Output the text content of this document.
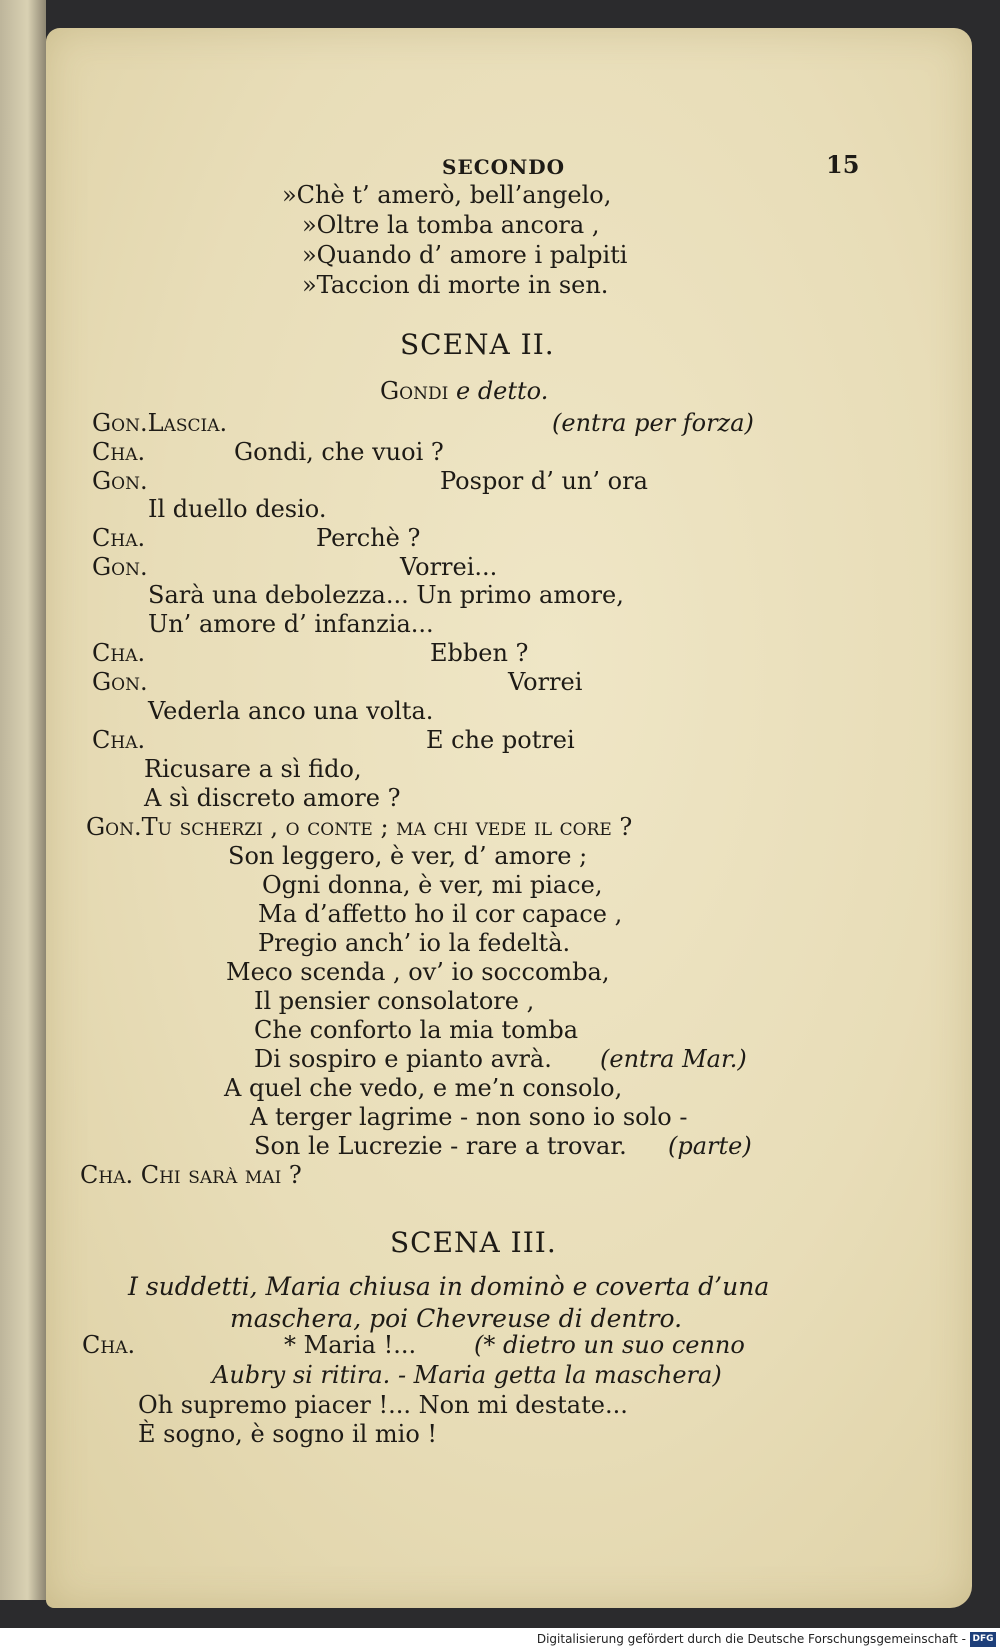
SECONDO	15
»Chè t’ amerò, bell’angelo,
»Oltre la tomba ancora ,
»Quando d’ amore i palpiti
»Taccion di morte in sen.
SCENA II.
Gondi e detto.
Gon.Lascia.	(entra per forza)
Cha.	Gondi, che vuoi ?
Gon.	Pospor d’ un’ ora
Il duello desio.
Cha.	Perchè ?
Gon.	Vorrei...
Sarà una debolezza... Un primo amore,
Un’ amore d’ infanzia...
Cha.	Ebben ?
Gon.	Vorrei
Vederla anco una volta.
Cha.	E che potrei
Ricusare a sì fido,
A sì discreto amore ?
Gon.Tu scherzi , o conte ; ma chi vede il core ?
Son leggero, è ver, d’ amore ;
Ogni donna, è ver, mi piace,
Ma d’affetto ho il cor capace ,
Pregio anch’ io la fedeltà.
Meco scenda , ov’ io soccomba,
Il pensier consolatore ,
Che conforto la mia tomba
Di sospiro e pianto avrà. (entra Mar.)
A quel che vedo, e me’n consolo,
A terger lagrime - non sono io solo -
Son le Lucrezie - rare a trovar. (parte)
Cha. Chi sarà mai ?
SCENA III.
I suddetti, Maria chiusa in dominò e coverta d’una
maschera, poi Chevreuse di dentro.
Cha.	* Maria !... (* dietro un suo cenno
Aubry si ritira. - Maria getta la maschera)
Oh supremo piacer !... Non mi destate...
È sogno, è sogno il mio !
Digitalisierung gefördert durch die Deutsche Forschungsgemeinschaft - DFG
